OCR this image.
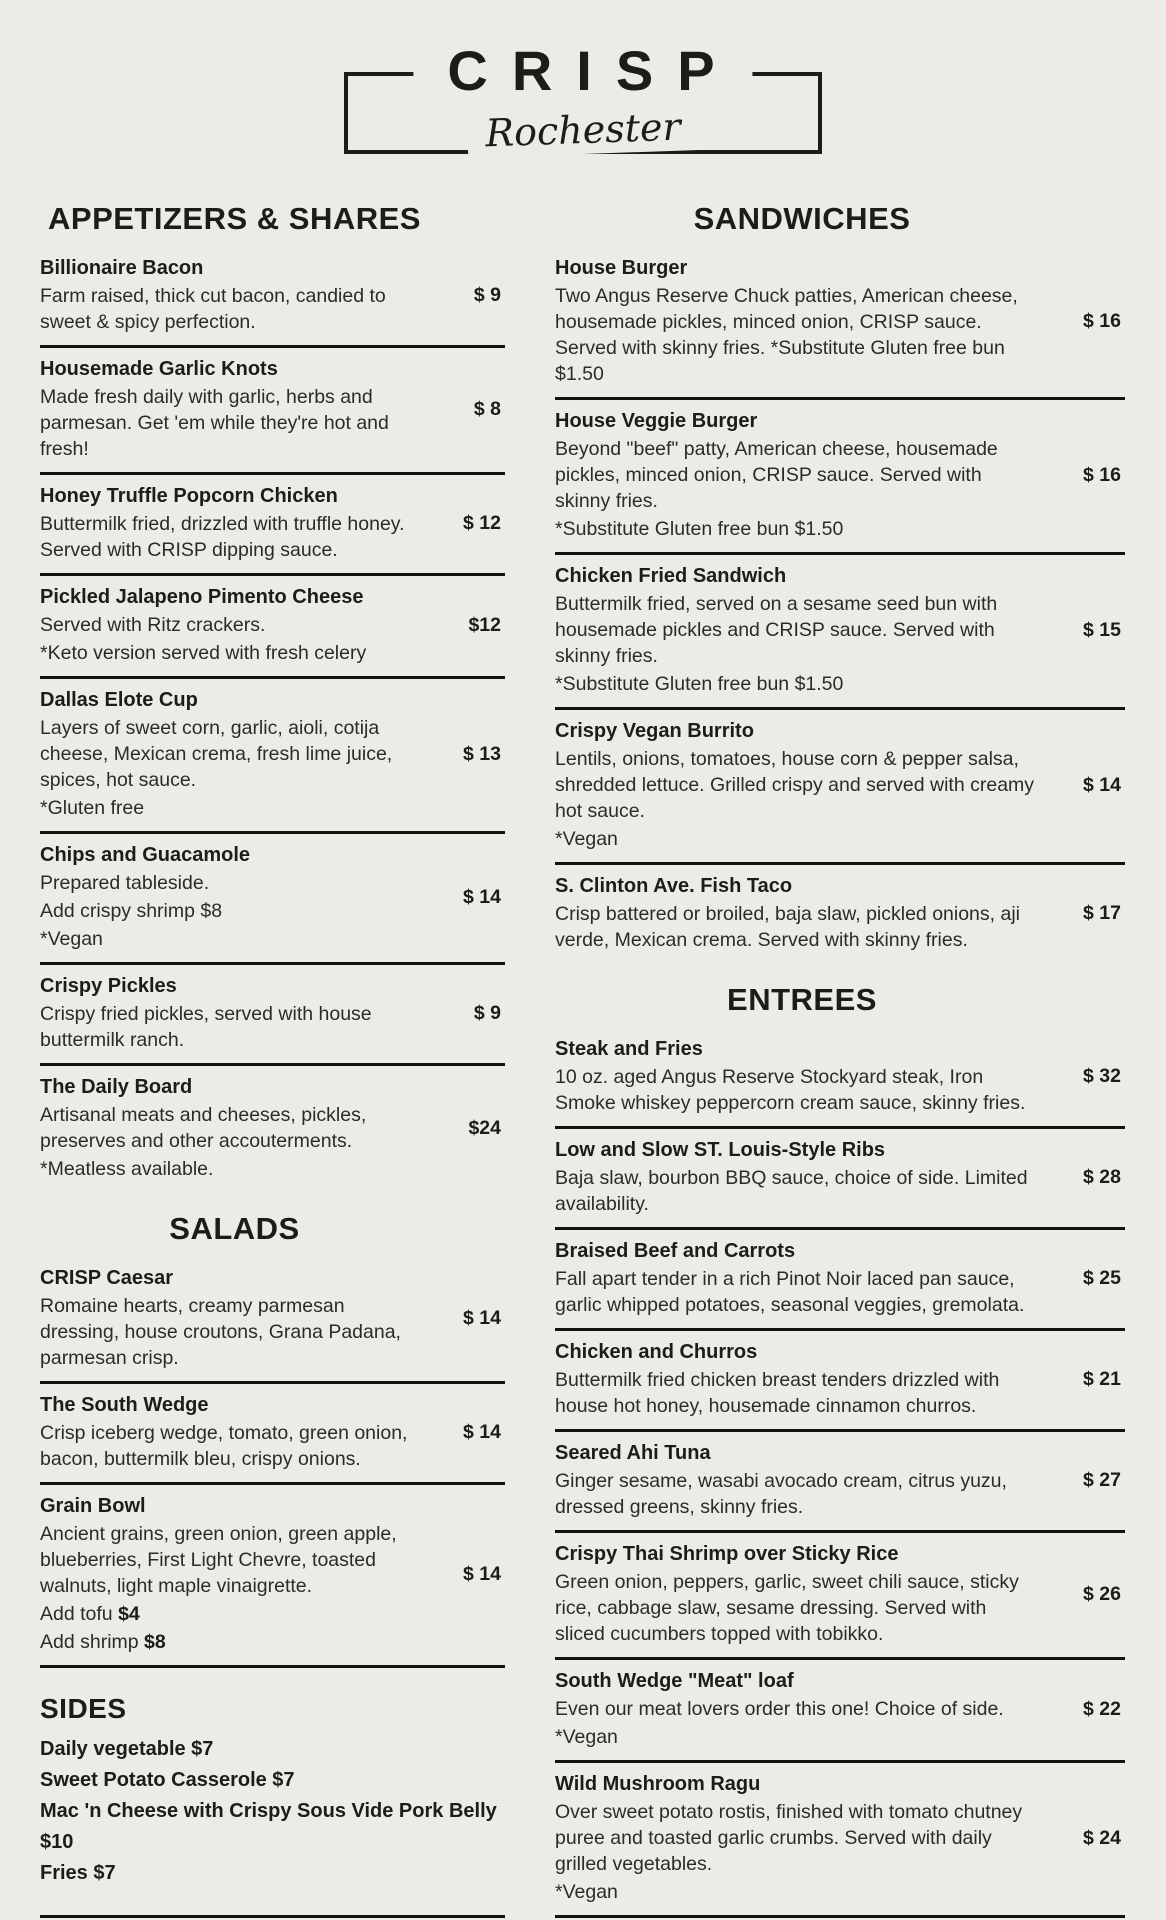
CRISP
Rochester
APPETIZERS & SHARES
Billionaire Bacon

Farm raised, thick cut bacon, candied to sweet & spicy perfection.

$ 9
Housemade Garlic Knots

Made fresh daily with garlic, herbs and parmesan. Get 'em while they're hot and fresh!

$ 8
Honey Truffle Popcorn Chicken

Buttermilk fried, drizzled with truffle honey. Served with CRISP dipping sauce.

$ 12
Pickled Jalapeno Pimento Cheese

Served with Ritz crackers.

*Keto version served with fresh celery

$12
Dallas Elote Cup

Layers of sweet corn, garlic, aioli, cotija cheese, Mexican crema, fresh lime juice, spices, hot sauce.

*Gluten free

$ 13
Chips and Guacamole

Prepared tableside.

Add crispy shrimp $8

*Vegan

$ 14
Crispy Pickles

Crispy fried pickles, served with house buttermilk ranch.

$ 9
The Daily Board

Artisanal meats and cheeses, pickles, preserves and other accouterments.

*Meatless available.

$24
SALADS
CRISP Caesar

Romaine hearts, creamy parmesan dressing, house croutons, Grana Padana, parmesan crisp.

$ 14
The South Wedge

Crisp iceberg wedge, tomato, green onion, bacon, buttermilk bleu, crispy onions.

$ 14
Grain Bowl

Ancient grains, green onion, green apple, blueberries, First Light Chevre, toasted walnuts, light maple vinaigrette.

Add tofu $4

Add shrimp $8

$ 14
SIDES

Daily vegetable $7

Sweet Potato Casserole $7

Mac 'n Cheese with Crispy Sous Vide Pork Belly $10

Fries $7

SANDWICHES
House Burger

Two Angus Reserve Chuck patties, American cheese, housemade pickles, minced onion, CRISP sauce. Served with skinny fries. *Substitute Gluten free bun $1.50

$ 16
House Veggie Burger

Beyond "beef" patty, American cheese, housemade pickles, minced onion, CRISP sauce. Served with skinny fries.

*Substitute Gluten free bun $1.50

$ 16
Chicken Fried Sandwich

Buttermilk fried, served on a sesame seed bun with housemade pickles and CRISP sauce. Served with skinny fries.

*Substitute Gluten free bun $1.50

$ 15
Crispy Vegan Burrito

Lentils, onions, tomatoes, house corn & pepper salsa, shredded lettuce. Grilled crispy and served with creamy hot sauce.

*Vegan

$ 14
S. Clinton Ave. Fish Taco

Crisp battered or broiled, baja slaw, pickled onions, aji verde, Mexican crema. Served with skinny fries.

$ 17
ENTREES
Steak and Fries

10 oz. aged Angus Reserve Stockyard steak, Iron Smoke whiskey peppercorn cream sauce, skinny fries.

$ 32
Low and Slow ST. Louis-Style Ribs

Baja slaw, bourbon BBQ sauce, choice of side. Limited availability.

$ 28
Braised Beef and Carrots

Fall apart tender in a rich Pinot Noir laced pan sauce, garlic whipped potatoes, seasonal veggies, gremolata.

$ 25
Chicken and Churros

Buttermilk fried chicken breast tenders drizzled with house hot honey, housemade cinnamon churros.

$ 21
Seared Ahi Tuna

Ginger sesame, wasabi avocado cream, citrus yuzu, dressed greens, skinny fries.

$ 27
Crispy Thai Shrimp over Sticky Rice

Green onion, peppers, garlic, sweet chili sauce, sticky rice, cabbage slaw, sesame dressing. Served with sliced cucumbers topped with tobikko.

$ 26
South Wedge "Meat" loaf

Even our meat lovers order this one! Choice of side.

*Vegan

$ 22
Wild Mushroom Ragu

Over sweet potato rostis, finished with tomato chutney puree and toasted garlic crumbs. Served with daily grilled vegetables.

*Vegan

$ 24
